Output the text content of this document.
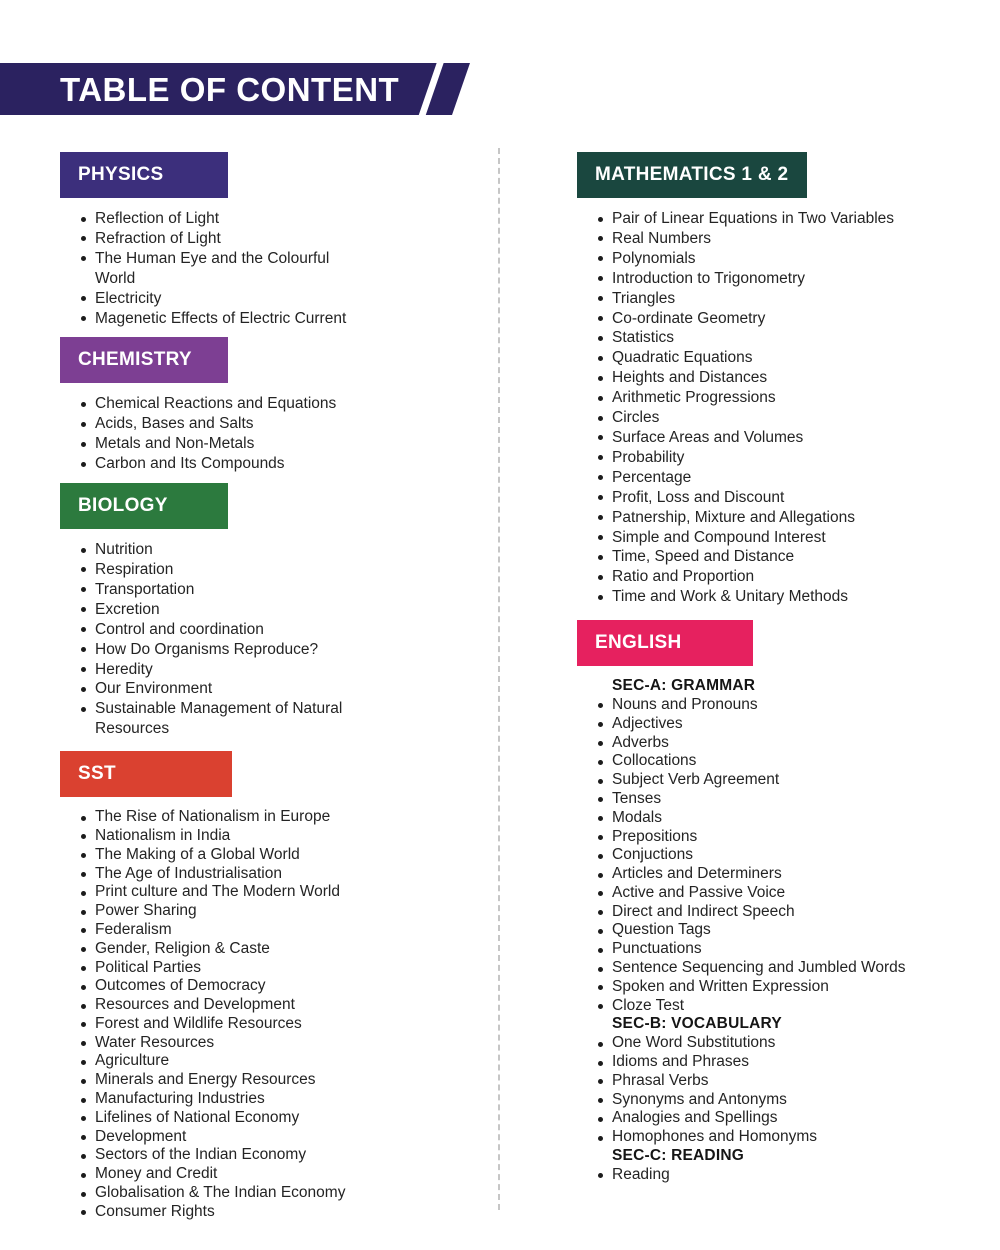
TABLE OF CONTENT
PHYSICS
Reflection of Light
Refraction of Light
The Human Eye and the Colourful World
Electricity
Magenetic Effects of Electric Current
CHEMISTRY
Chemical Reactions and Equations
Acids, Bases and Salts
Metals and Non-Metals
Carbon and Its Compounds
BIOLOGY
Nutrition
Respiration
Transportation
Excretion
Control and coordination
How Do Organisms Reproduce?
Heredity
Our Environment
Sustainable Management of Natural Resources
SST
The Rise of Nationalism in Europe
Nationalism in India
The Making of a Global World
The Age of Industrialisation
Print culture and The Modern World
Power Sharing
Federalism
Gender, Religion & Caste
Political Parties
Outcomes of Democracy
Resources and Development
Forest and Wildlife Resources
Water Resources
Agriculture
Minerals and Energy Resources
Manufacturing Industries
Lifelines of National Economy
Development
Sectors of the Indian Economy
Money and Credit
Globalisation & The Indian Economy
Consumer Rights
MATHEMATICS 1 & 2
Pair of Linear Equations in Two Variables
Real Numbers
Polynomials
Introduction to Trigonometry
Triangles
Co-ordinate Geometry
Statistics
Quadratic Equations
Heights and Distances
Arithmetic Progressions
Circles
Surface Areas and Volumes
Probability
Percentage
Profit, Loss and Discount
Patnership, Mixture and Allegations
Simple and Compound Interest
Time, Speed and Distance
Ratio and Proportion
Time and Work & Unitary Methods
ENGLISH
SEC-A: GRAMMAR
Nouns and Pronouns
Adjectives
Adverbs
Collocations
Subject Verb Agreement
Tenses
Modals
Prepositions
Conjuctions
Articles and Determiners
Active and Passive Voice
Direct and Indirect Speech
Question Tags
Punctuations
Sentence Sequencing and Jumbled Words
Spoken and Written Expression
Cloze Test
SEC-B: VOCABULARY
One Word Substitutions
Idioms and Phrases
Phrasal Verbs
Synonyms and Antonyms
Analogies and Spellings
Homophones and Homonyms
SEC-C: READING
Reading
